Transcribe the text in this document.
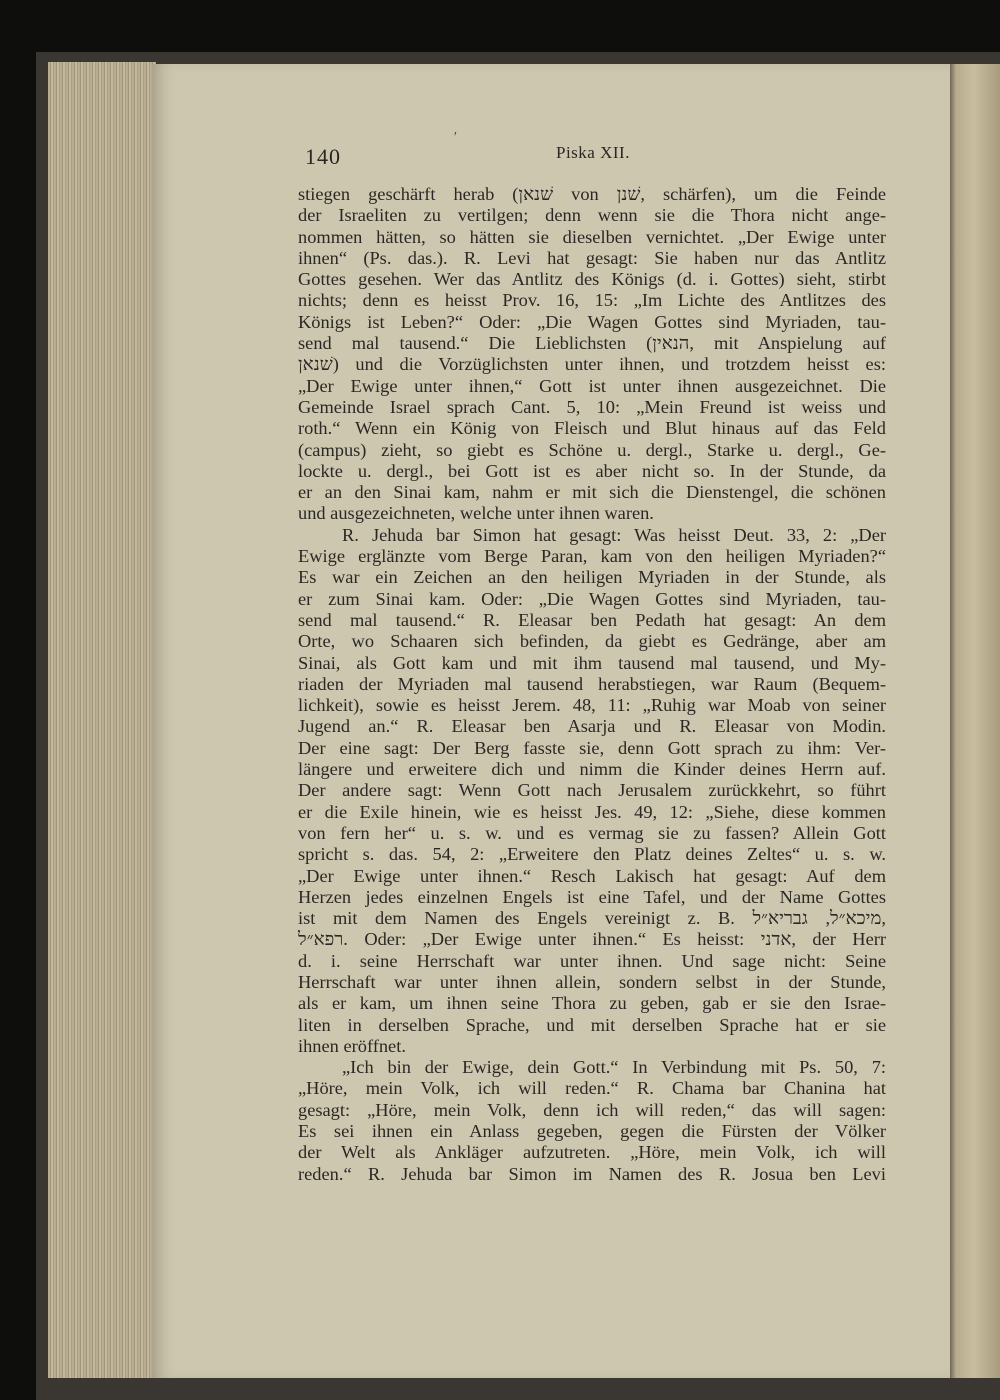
′
140	Piska XII.
stiegen geschärft herab (שׁנאן von שׁנן, schärfen), um die Feinde
der Israeliten zu vertilgen; denn wenn sie die Thora nicht ange-
nommen hätten, so hätten sie dieselben vernichtet. „Der Ewige unter
ihnen“ (Ps. das.). R. Levi hat gesagt: Sie haben nur das Antlitz
Gottes gesehen. Wer das Antlitz des Königs (d. i. Gottes) sieht, stirbt
nichts; denn es heisst Prov. 16, 15: „Im Lichte des Antlitzes des
Königs ist Leben?“ Oder: „Die Wagen Gottes sind Myriaden, tau-
send mal tausend.“ Die Lieblichsten (הנאין, mit Anspielung auf
שׁנאן) und die Vorzüglichsten unter ihnen, und trotzdem heisst es:
„Der Ewige unter ihnen,“ Gott ist unter ihnen ausgezeichnet. Die
Gemeinde Israel sprach Cant. 5, 10: „Mein Freund ist weiss und
roth.“ Wenn ein König von Fleisch und Blut hinaus auf das Feld
(campus) zieht, so giebt es Schöne u. dergl., Starke u. dergl., Ge-
lockte u. dergl., bei Gott ist es aber nicht so. In der Stunde, da
er an den Sinai kam, nahm er mit sich die Dienstengel, die schönen
und ausgezeichneten, welche unter ihnen waren.
R. Jehuda bar Simon hat gesagt: Was heisst Deut. 33, 2: „Der
Ewige erglänzte vom Berge Paran, kam von den heiligen Myriaden?“
Es war ein Zeichen an den heiligen Myriaden in der Stunde, als
er zum Sinai kam. Oder: „Die Wagen Gottes sind Myriaden, tau-
send mal tausend.“ R. Eleasar ben Pedath hat gesagt: An dem
Orte, wo Schaaren sich befinden, da giebt es Gedränge, aber am
Sinai, als Gott kam und mit ihm tausend mal tausend, und My-
riaden der Myriaden mal tausend herabstiegen, war Raum (Bequem-
lichkeit), sowie es heisst Jerem. 48, 11: „Ruhig war Moab von seiner
Jugend an.“ R. Eleasar ben Asarja und R. Eleasar von Modin.
Der eine sagt: Der Berg fasste sie, denn Gott sprach zu ihm: Ver-
längere und erweitere dich und nimm die Kinder deines Herrn auf.
Der andere sagt: Wenn Gott nach Jerusalem zurückkehrt, so führt
er die Exile hinein, wie es heisst Jes. 49, 12: „Siehe, diese kommen
von fern her“ u. s. w. und es vermag sie zu fassen? Allein Gott
spricht s. das. 54, 2: „Erweitere den Platz deines Zeltes“ u. s. w.
„Der Ewige unter ihnen.“ Resch Lakisch hat gesagt: Auf dem
Herzen jedes einzelnen Engels ist eine Tafel, und der Name Gottes
ist mit dem Namen des Engels vereinigt z. B. מיכא״ל, גבריא״ל,
רפא״ל. Oder: „Der Ewige unter ihnen.“ Es heisst: אדני, der Herr
d. i. seine Herrschaft war unter ihnen. Und sage nicht: Seine
Herrschaft war unter ihnen allein, sondern selbst in der Stunde,
als er kam, um ihnen seine Thora zu geben, gab er sie den Israe-
liten in derselben Sprache, und mit derselben Sprache hat er sie
ihnen eröffnet.
„Ich bin der Ewige, dein Gott.“ In Verbindung mit Ps. 50, 7:
„Höre, mein Volk, ich will reden.“ R. Chama bar Chanina hat
gesagt: „Höre, mein Volk, denn ich will reden,“ das will sagen:
Es sei ihnen ein Anlass gegeben, gegen die Fürsten der Völker
der Welt als Ankläger aufzutreten. „Höre, mein Volk, ich will
reden.“ R. Jehuda bar Simon im Namen des R. Josua ben Levi
